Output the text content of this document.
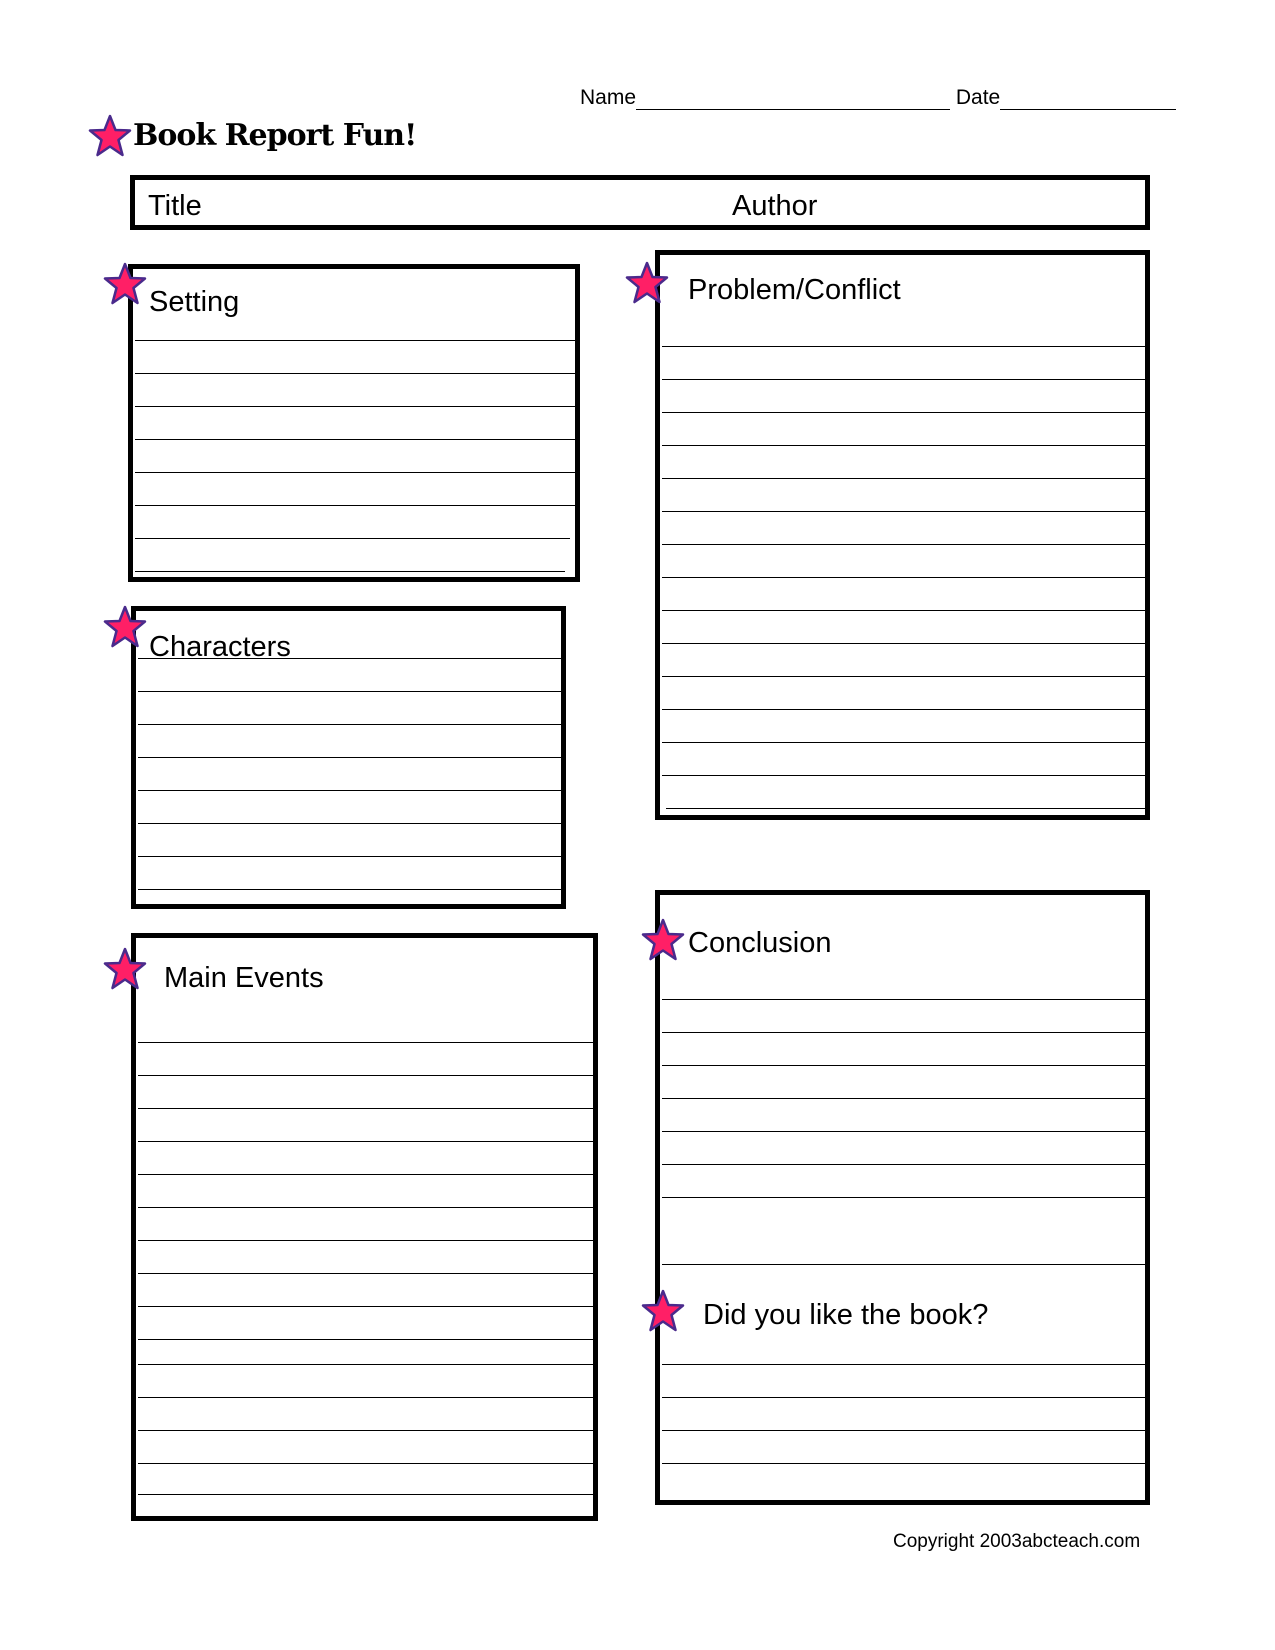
Name	Date
Book Report Fun!
Title	Author
Setting	Problem/Conflict
Characters
Main Events
Conclusion
Did you like the book?
Copyright 2003abcteach.com
